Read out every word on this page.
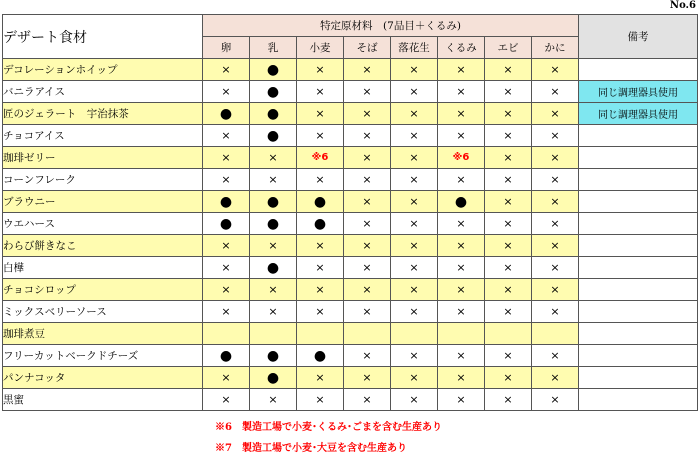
No.6
デザート食材	特定原材料　(7品目＋くるみ)								備考
	卵	乳	小麦	そば	落花生	くるみ	エビ	かに	
デコレーションホイップ	×	●	×	×	×	×	×	×	
バニラアイス	×	●	×	×	×	×	×	×	同じ調理器具使用
匠のジェラート　宇治抹茶	●	●	×	×	×	×	×	×	同じ調理器具使用
チョコアイス	×	●	×	×	×	×	×	×	
珈琲ゼリー	×	×	※6	×	×	※6	×	×	
コーンフレーク	×	×	×	×	×	×	×	×	
ブラウニー	●	●	●	×	×	●	×	×	
ウエハース	●	●	●	×	×	×	×	×	
わらび餅きなこ	×	×	×	×	×	×	×	×	
白樺	×	●	×	×	×	×	×	×	
チョコシロップ	×	×	×	×	×	×	×	×	
ミックスベリーソース	×	×	×	×	×	×	×	×	
珈琲煮豆									
フリーカットベークドチーズ	●	●	●	×	×	×	×	×	
パンナコッタ	×	●	×	×	×	×	×	×	
黒蜜	×	×	×	×	×	×	×	×	
※6　製造工場で小麦･くるみ･ごまを含む生産あり
※7　製造工場で小麦･大豆を含む生産あり
